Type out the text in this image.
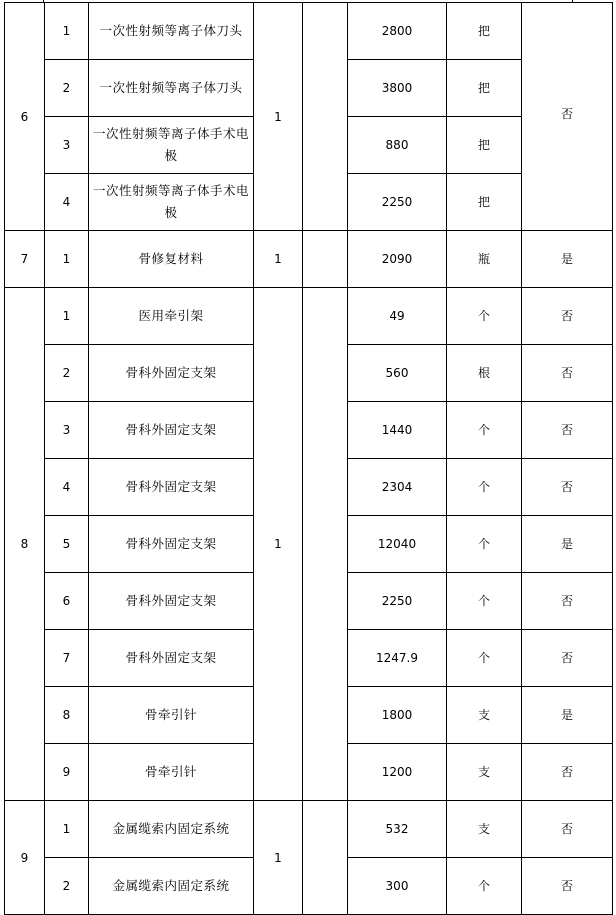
6	1	一次性射频等离子体刀头	1		2800	把	否
	2	一次性射频等离子体刀头			3800	把	
	3	一次性射频等离子体手术电极			880	把	
	4	一次性射频等离子体手术电极			2250	把	
7	1	骨修复材料	1		2090	瓶	是
8	1	医用牵引架	1		49	个	否
	2	骨科外固定支架			560	根	否
	3	骨科外固定支架			1440	个	否
	4	骨科外固定支架			2304	个	否
	5	骨科外固定支架			12040	个	是
	6	骨科外固定支架			2250	个	否
	7	骨科外固定支架			1247.9	个	否
	8	骨牵引针			1800	支	是
	9	骨牵引针			1200	支	否
9	1	金属缆索内固定系统	1		532	支	否
	2	金属缆索内固定系统			300	个	否
